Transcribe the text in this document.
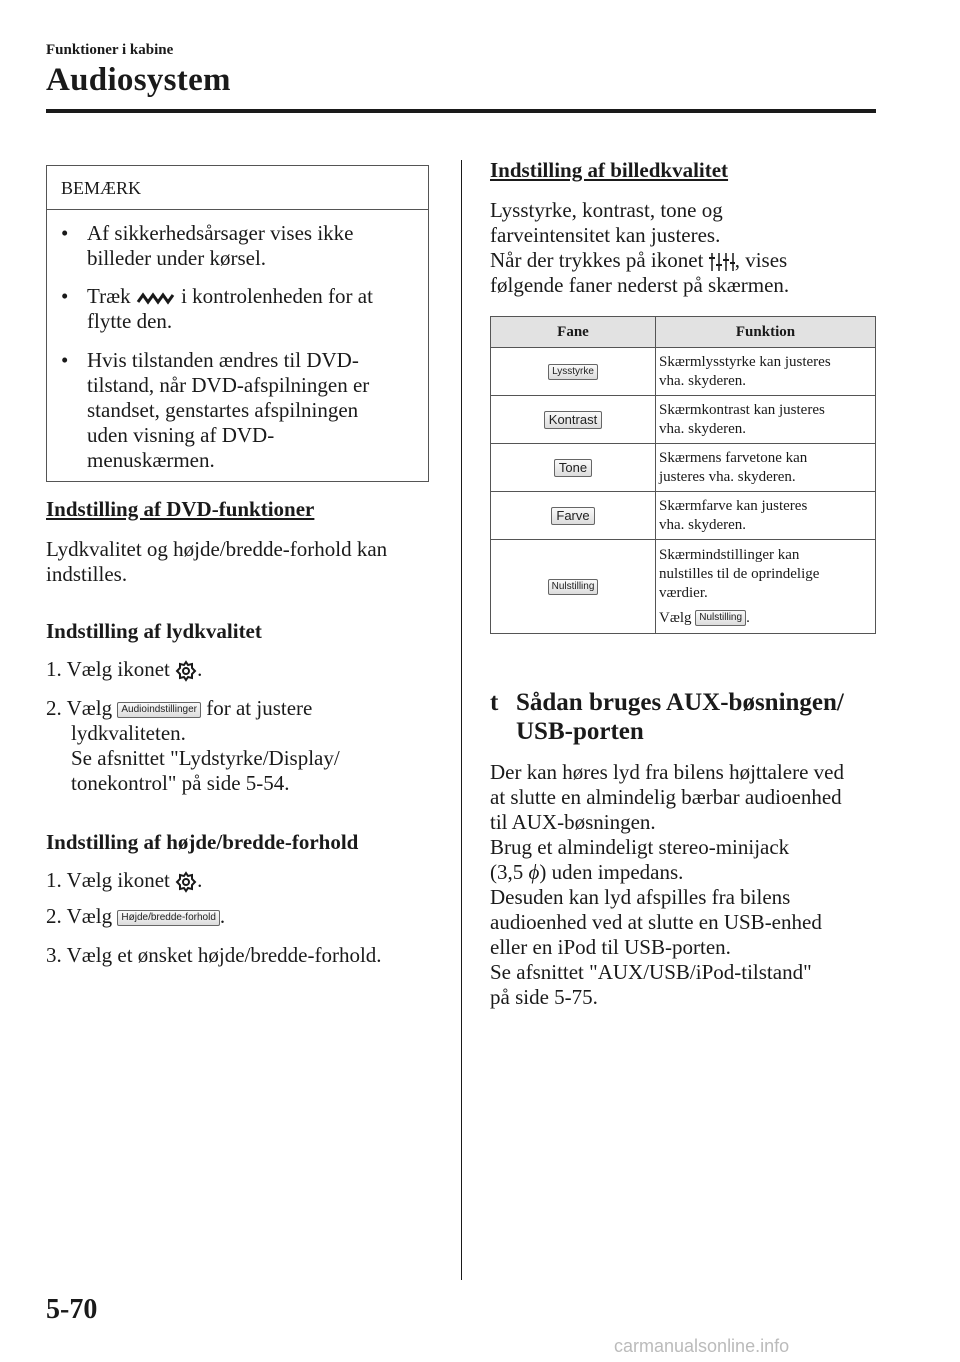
Funktioner i kabine
Audiosystem
BEMÆRK
• Af sikkerhedsårsager vises ikke
billeder under kørsel.
• Træk i kontrolenheden for at
flytte den.
• Hvis tilstanden ændres til DVD-
tilstand, når DVD-afspilningen er
standset, genstartes afspilningen
uden visning af DVD-
menuskærmen.
Indstilling af DVD-funktioner
Lydkvalitet og højde/bredde-forhold kan
indstilles.
Indstilling af lydkvalitet
1. Vælg ikonet .
2. Vælg Audioindstillinger for at justere
lydkvaliteten.
Se afsnittet "Lydstyrke/Display/
tonekontrol" på side 5-54.
Indstilling af højde/bredde-forhold
1. Vælg ikonet .
2. Vælg Højde/bredde-forhold .
3. Vælg et ønsket højde/bredde-forhold.
Indstilling af billedkvalitet
Lysstyrke, kontrast, tone og
farveintensitet kan justeres.
Når der trykkes på ikonet , vises
følgende faner nederst på skærmen.
Fane	Funktion
Lysstyrke	Skærmlysstyrke kan justeres
vha. skyderen.

Kontrast	Skærmkontrast kan justeres
vha. skyderen.

Tone	Skærmens farvetone kan
justeres vha. skyderen.

Farve	Skærmfarve kan justeres
vha. skyderen.

Nulstilling	Skærmindstillinger kan
nulstilles til de oprindelige
værdier.
Vælg Nulstilling .
t Sådan bruges AUX-bøsningen/
USB-porten
Der kan høres lyd fra bilens højttalere ved
at slutte en almindelig bærbar audioenhed
til AUX-bøsningen.
Brug et almindeligt stereo-minijack
(3,5 ϕ) uden impedans.
Desuden kan lyd afspilles fra bilens
audioenhed ved at slutte en USB-enhed
eller en iPod til USB-porten.
Se afsnittet "AUX/USB/iPod-tilstand"
på side 5-75.
5-70
carmanualsonline.info
